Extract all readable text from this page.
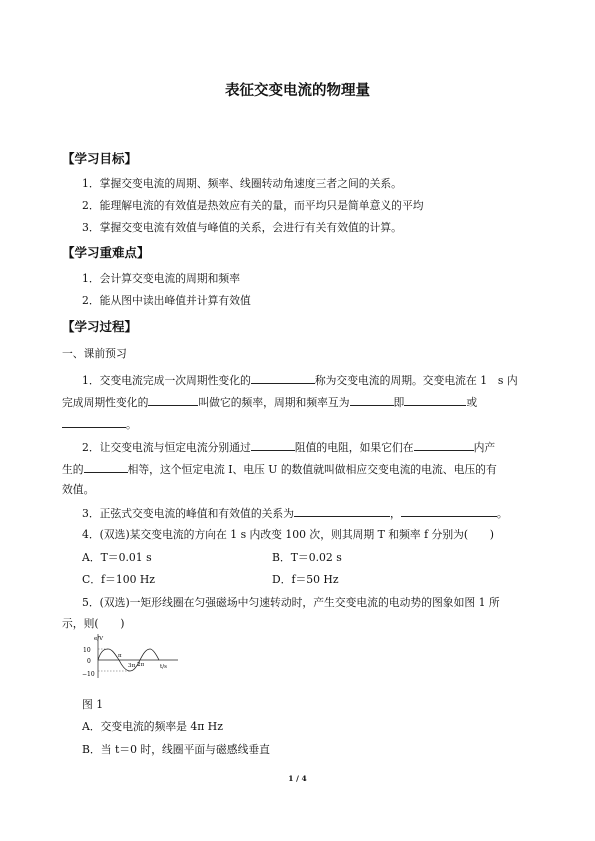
表征交变电流的物理量
【学习目标】
1．掌握交变电流的周期、频率、线圈转动角速度三者之间的关系。
2．能理解电流的有效值是热效应有关的量，而平均只是简单意义的平均
3．掌握交变电流有效值与峰值的关系，会进行有关有效值的计算。
【学习重难点】
1．会计算交变电流的周期和频率
2．能从图中读出峰值并计算有效值
【学习过程】
一、课前预习
1．交变电流完成一次周期性变化的	称为交变电流的周期。交变电流在 1　s 内
完成周期性变化的	叫做它的频率，周期和频率互为	即	或
。
2．让交变电流与恒定电流分别通过	阻值的电阻，如果它们在	内产
生的	相等，这个恒定电流 I、电压 U 的数值就叫做相应交变电流的电流、电压的有
效值。
3．正弦式交变电流的峰值和有效值的关系为	，	。
4．(双选)某交变电流的方向在 1 s 内改变 100 次，则其周期 T 和频率 f 分别为(　　)
A．T＝0.01 s	B．T＝0.02 s
C．f＝100 Hz	D．f＝50 Hz
5．(双选)一矩形线圈在匀强磁场中匀速转动时，产生交变电流的电动势的图象如图 1 所
示，则(　　)
e/V
10
0
−10
π
2π
3π	t/s
图 1
A．交变电流的频率是 4π Hz
B．当 t＝0 时，线圈平面与磁感线垂直
1 / 4
